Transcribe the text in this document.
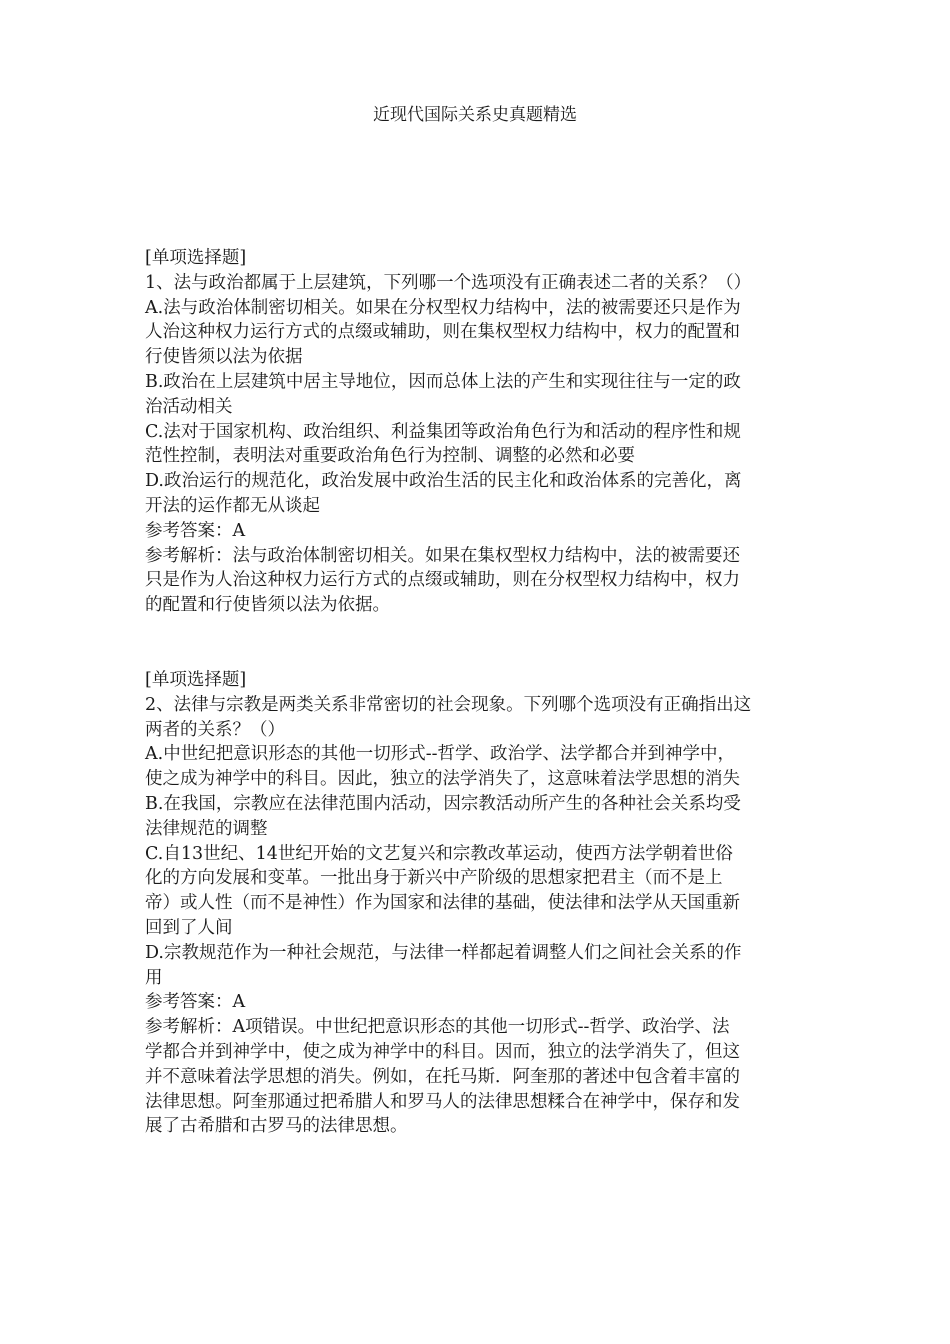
近现代国际关系史真题精选
[单项选择题]
1、法与政治都属于上层建筑，下列哪一个选项没有正确表述二者的关系？（）
A.法与政治体制密切相关。如果在分权型权力结构中，法的被需要还只是作为
人治这种权力运行方式的点缀或辅助，则在集权型权力结构中，权力的配置和
行使皆须以法为依据
B.政治在上层建筑中居主导地位，因而总体上法的产生和实现往往与一定的政
治活动相关
C.法对于国家机构、政治组织、利益集团等政治角色行为和活动的程序性和规
范性控制，表明法对重要政治角色行为控制、调整的必然和必要
D.政治运行的规范化，政治发展中政治生活的民主化和政治体系的完善化，离
开法的运作都无从谈起
参考答案：A
参考解析：法与政治体制密切相关。如果在集权型权力结构中，法的被需要还
只是作为人治这种权力运行方式的点缀或辅助，则在分权型权力结构中，权力
的配置和行使皆须以法为依据。
[单项选择题]
2、法律与宗教是两类关系非常密切的社会现象。下列哪个选项没有正确指出这
两者的关系？（）
A.中世纪把意识形态的其他一切形式--哲学、政治学、法学都合并到神学中，
使之成为神学中的科目。因此，独立的法学消失了，这意味着法学思想的消失
B.在我国，宗教应在法律范围内活动，因宗教活动所产生的各种社会关系均受
法律规范的调整
C.自13世纪、14世纪开始的文艺复兴和宗教改革运动，使西方法学朝着世俗
化的方向发展和变革。一批出身于新兴中产阶级的思想家把君主（而不是上
帝）或人性（而不是神性）作为国家和法律的基础，使法律和法学从天国重新
回到了人间
D.宗教规范作为一种社会规范，与法律一样都起着调整人们之间社会关系的作
用
参考答案：A
参考解析：A项错误。中世纪把意识形态的其他一切形式--哲学、政治学、法
学都合并到神学中，使之成为神学中的科目。因而，独立的法学消失了，但这
并不意味着法学思想的消失。例如，在托马斯．阿奎那的著述中包含着丰富的
法律思想。阿奎那通过把希腊人和罗马人的法律思想糅合在神学中，保存和发
展了古希腊和古罗马的法律思想。
